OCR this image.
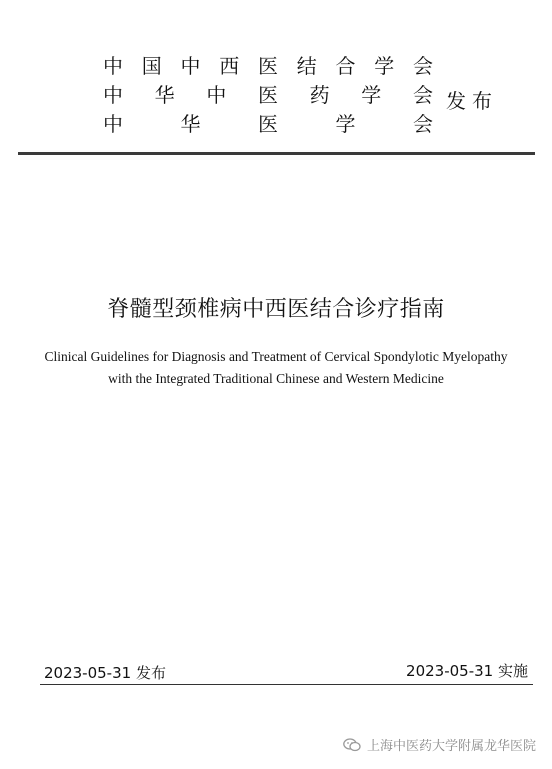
中 国 中 西 医 结 合 学 会
中 华 中 医 药 学 会
中	华	医	学	会
发布
脊髓型颈椎病中西医结合诊疗指南
Clinical Guidelines for Diagnosis and Treatment of Cervical Spondylotic Myelopathy
with the Integrated Traditional Chinese and Western Medicine
2023-05-31 发布	2023-05-31 实施
上海中医药大学附属龙华医院
